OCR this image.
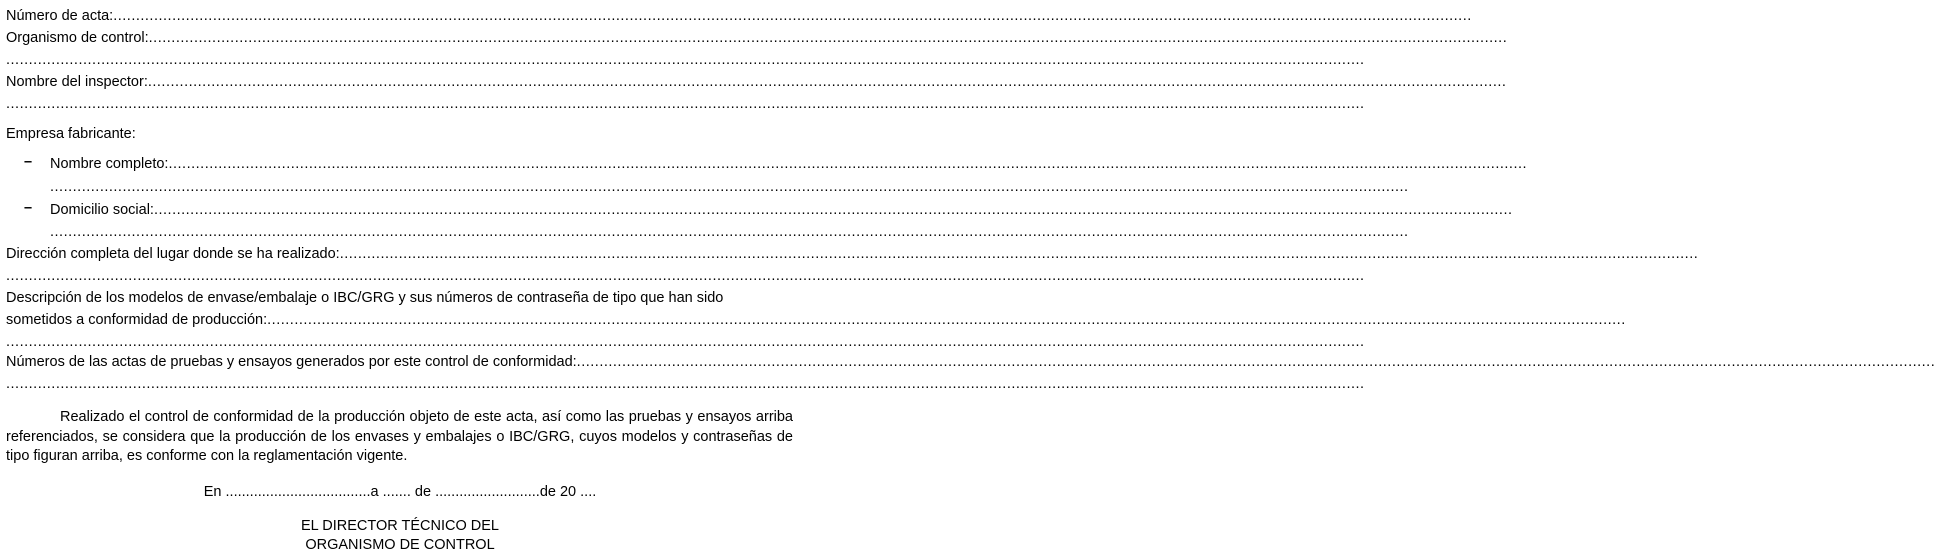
Número de acta: ............................................................................................................................................................................................................................................................................................................
Organismo de control: ............................................................................................................................................................................................................................................................................................................
............................................................................................................................................................................................................................................................................................................
Nombre del inspector: ............................................................................................................................................................................................................................................................................................................
............................................................................................................................................................................................................................................................................................................
Empresa fabricante:
– Nombre completo: ............................................................................................................................................................................................................................................................................................................
............................................................................................................................................................................................................................................................................................................
– Domicilio social: ............................................................................................................................................................................................................................................................................................................
............................................................................................................................................................................................................................................................................................................
Dirección completa del lugar donde se ha realizado: ............................................................................................................................................................................................................................................................................................................
............................................................................................................................................................................................................................................................................................................
Descripción de los modelos de envase/embalaje o IBC/GRG y sus números de contraseña de tipo que han sido
sometidos a conformidad de producción: ............................................................................................................................................................................................................................................................................................................
............................................................................................................................................................................................................................................................................................................
Números de las actas de pruebas y ensayos generados por este control de conformidad: ............................................................................................................................................................................................................................................................................................................
............................................................................................................................................................................................................................................................................................................
Realizado el control de conformidad de la producción objeto de este acta, así como las pruebas y ensayos arriba referenciados, se considera que la producción de los envases y embalajes o IBC/GRG, cuyos modelos y contraseñas de tipo figuran arriba, es conforme con la reglamentación vigente.
En ....................................a ....... de ..........................de 20 ....
EL DIRECTOR TÉCNICO DEL
ORGANISMO DE CONTROL
